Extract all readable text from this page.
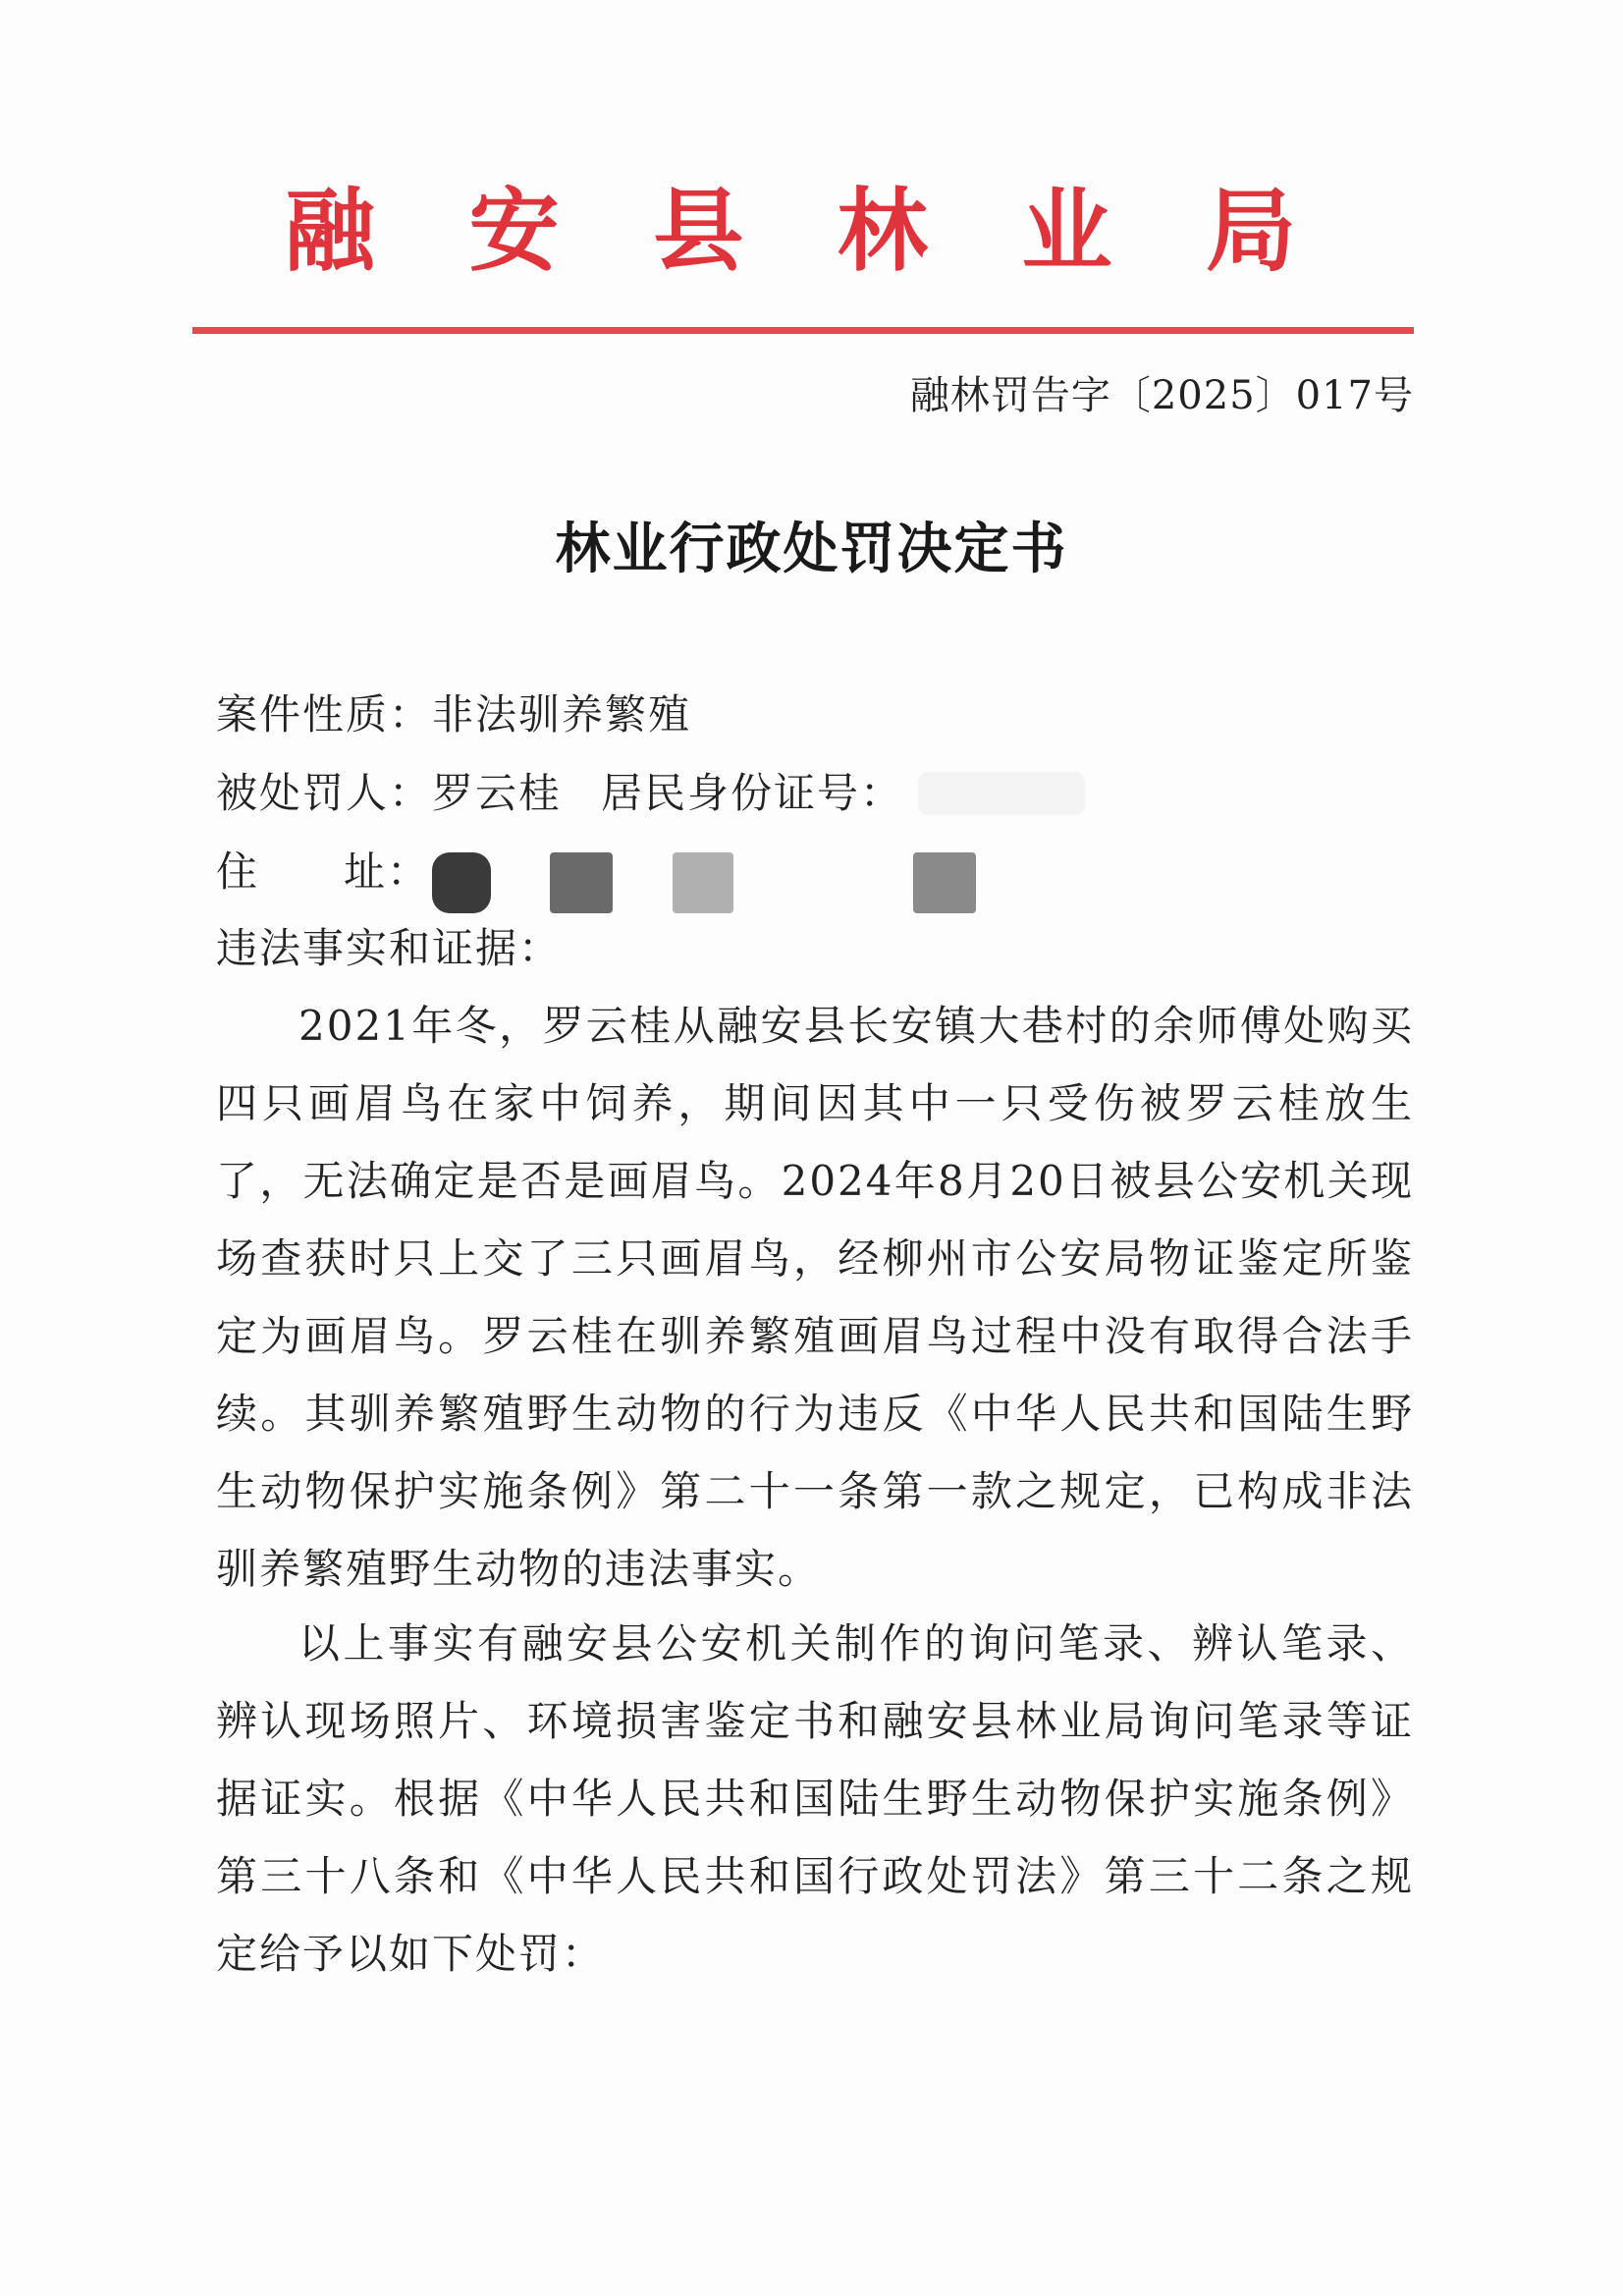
融 安 县 林 业 局
融林罚告字〔2025〕017号
林业行政处罚决定书
案件性质：非法驯养繁殖
被处罚人：罗云桂 居民身份证号：
住 址：
违法事实和证据：

2021年冬，罗云桂从融安县长安镇大巷村的余师傅处购买四只画眉鸟在家中饲养，期间因其中一只受伤被罗云桂放生了，无法确定是否是画眉鸟。2024年8月20日被县公安机关现场查获时只上交了三只画眉鸟，经柳州市公安局物证鉴定所鉴定为画眉鸟。罗云桂在驯养繁殖画眉鸟过程中没有取得合法手续。其驯养繁殖野生动物的行为违反《中华人民共和国陆生野生动物保护实施条例》第二十一条第一款之规定，已构成非法驯养繁殖野生动物的违法事实。

以上事实有融安县公安机关制作的询问笔录、辨认笔录、辨认现场照片、环境损害鉴定书和融安县林业局询问笔录等证据证实。根据《中华人民共和国陆生野生动物保护实施条例》第三十八条和《中华人民共和国行政处罚法》第三十二条之规定给予以如下处罚：
